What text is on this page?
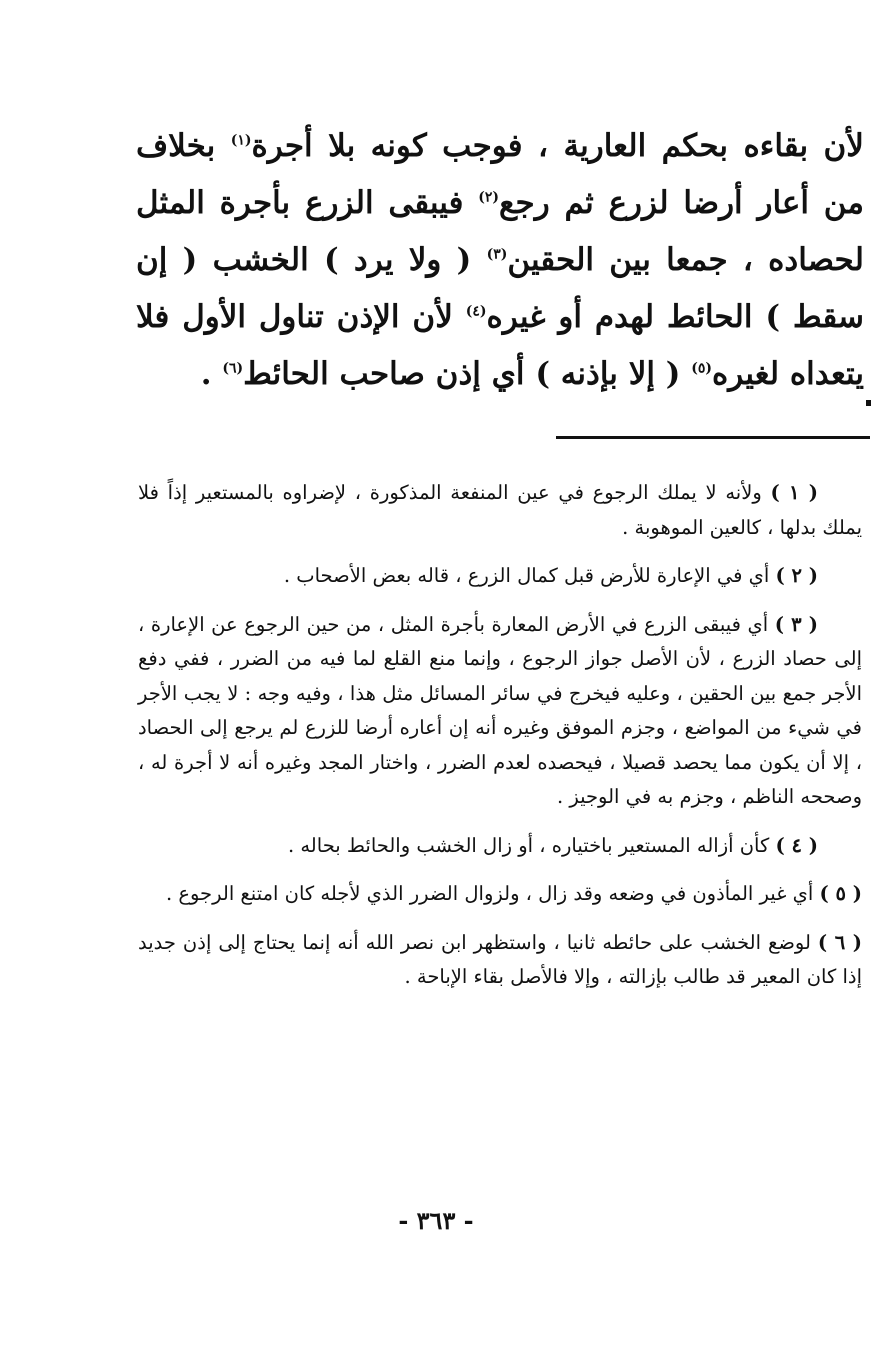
لأن بقاءه بحكم العارية ، فوجب كونه بلا أجرة$^{(١)}$ بخلاف
من أعار أرضا لزرع ثم رجع$^{(٢)}$ فيبقى الزرع بأجرة المثل
لحصاده ، جمعا بين الحقين$^{(٣)}$ ( ولا يرد ) الخشب ( إن
سقط ) الحائط لهدم أو غيره$^{(٤)}$ لأن الإذن تناول الأول فلا
يتعداه لغيره$^{(٥)}$ ( إلا بإذنه ) أي إذن صاحب الحائط$^{(٦)}$ .

( ١ ) ولأنه لا يملك الرجوع في عين المنفعة المذكورة ، لإضراوه بالمستعير إذاً فلا يملك بدلها ، كالعين الموهوبة .

( ٢ ) أي في الإعارة للأرض قبل كمال الزرع ، قاله بعض الأصحاب .

( ٣ ) أي فيبقى الزرع في الأرض المعارة بأجرة المثل ، من حين الرجوع عن الإعارة ، إلى حصاد الزرع ، لأن الأصل جواز الرجوع ، وإنما منع القلع لما فيه من الضرر ، ففي دفع الأجر جمع بين الحقين ، وعليه فيخرج في سائر المسائل مثل هذا ، وفيه وجه : لا يجب الأجر في شيء من المواضع ، وجزم الموفق وغيره أنه إن أعاره أرضا للزرع لم يرجع إلى الحصاد ، إلا أن يكون مما يحصد قصيلا ، فيحصده لعدم الضرر ، واختار المجد وغيره أنه لا أجرة له ، وصححه الناظم ، وجزم به في الوجيز .

( ٤ ) كأن أزاله المستعير باختياره ، أو زال الخشب والحائط بحاله .

( ٥ ) أي غير المأذون في وضعه وقد زال ، ولزوال الضرر الذي لأجله كان امتنع الرجوع .

( ٦ ) لوضع الخشب على حائطه ثانيا ، واستظهر ابن نصر الله أنه إنما يحتاج إلى إذن جديد إذا كان المعير قد طالب بإزالته ، وإلا فالأصل بقاء الإباحة .

- ٣٦٣ -
